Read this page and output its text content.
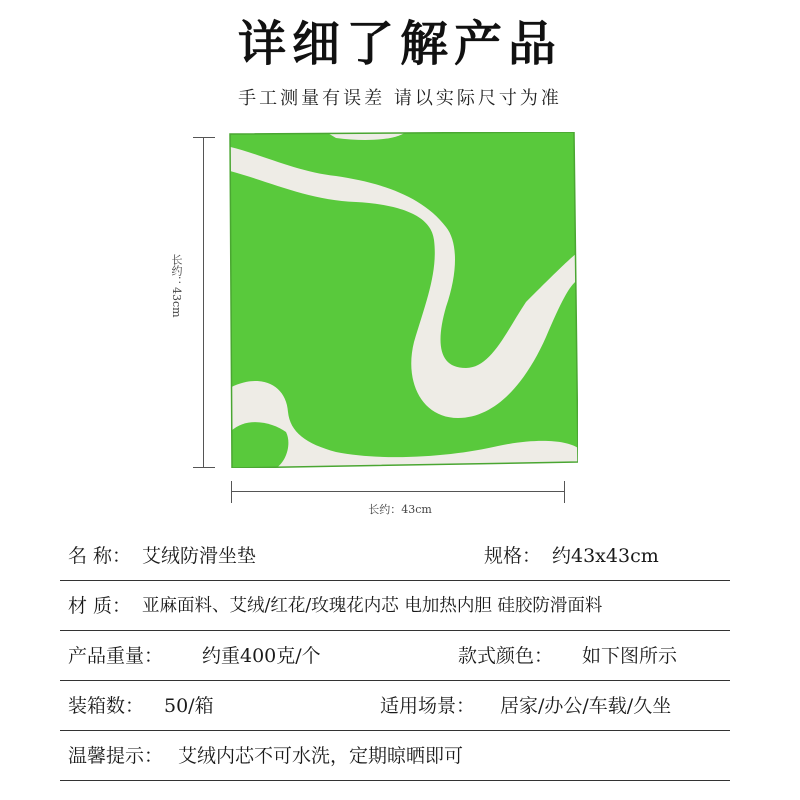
详细了解产品
手工测量有误差 请以实际尺寸为准
长约：43cm
长约：43cm
名 称： 艾绒防滑坐垫	规格： 约43x43cm
材 质： 亚麻面料、艾绒/红花/玫瑰花内芯 电加热内胆 硅胶防滑面料
产品重量： 约重400克/个	款式颜色： 如下图所示
装箱数： 50/箱	适用场景： 居家/办公/车载/久坐
温馨提示： 艾绒内芯不可水洗，定期晾晒即可
